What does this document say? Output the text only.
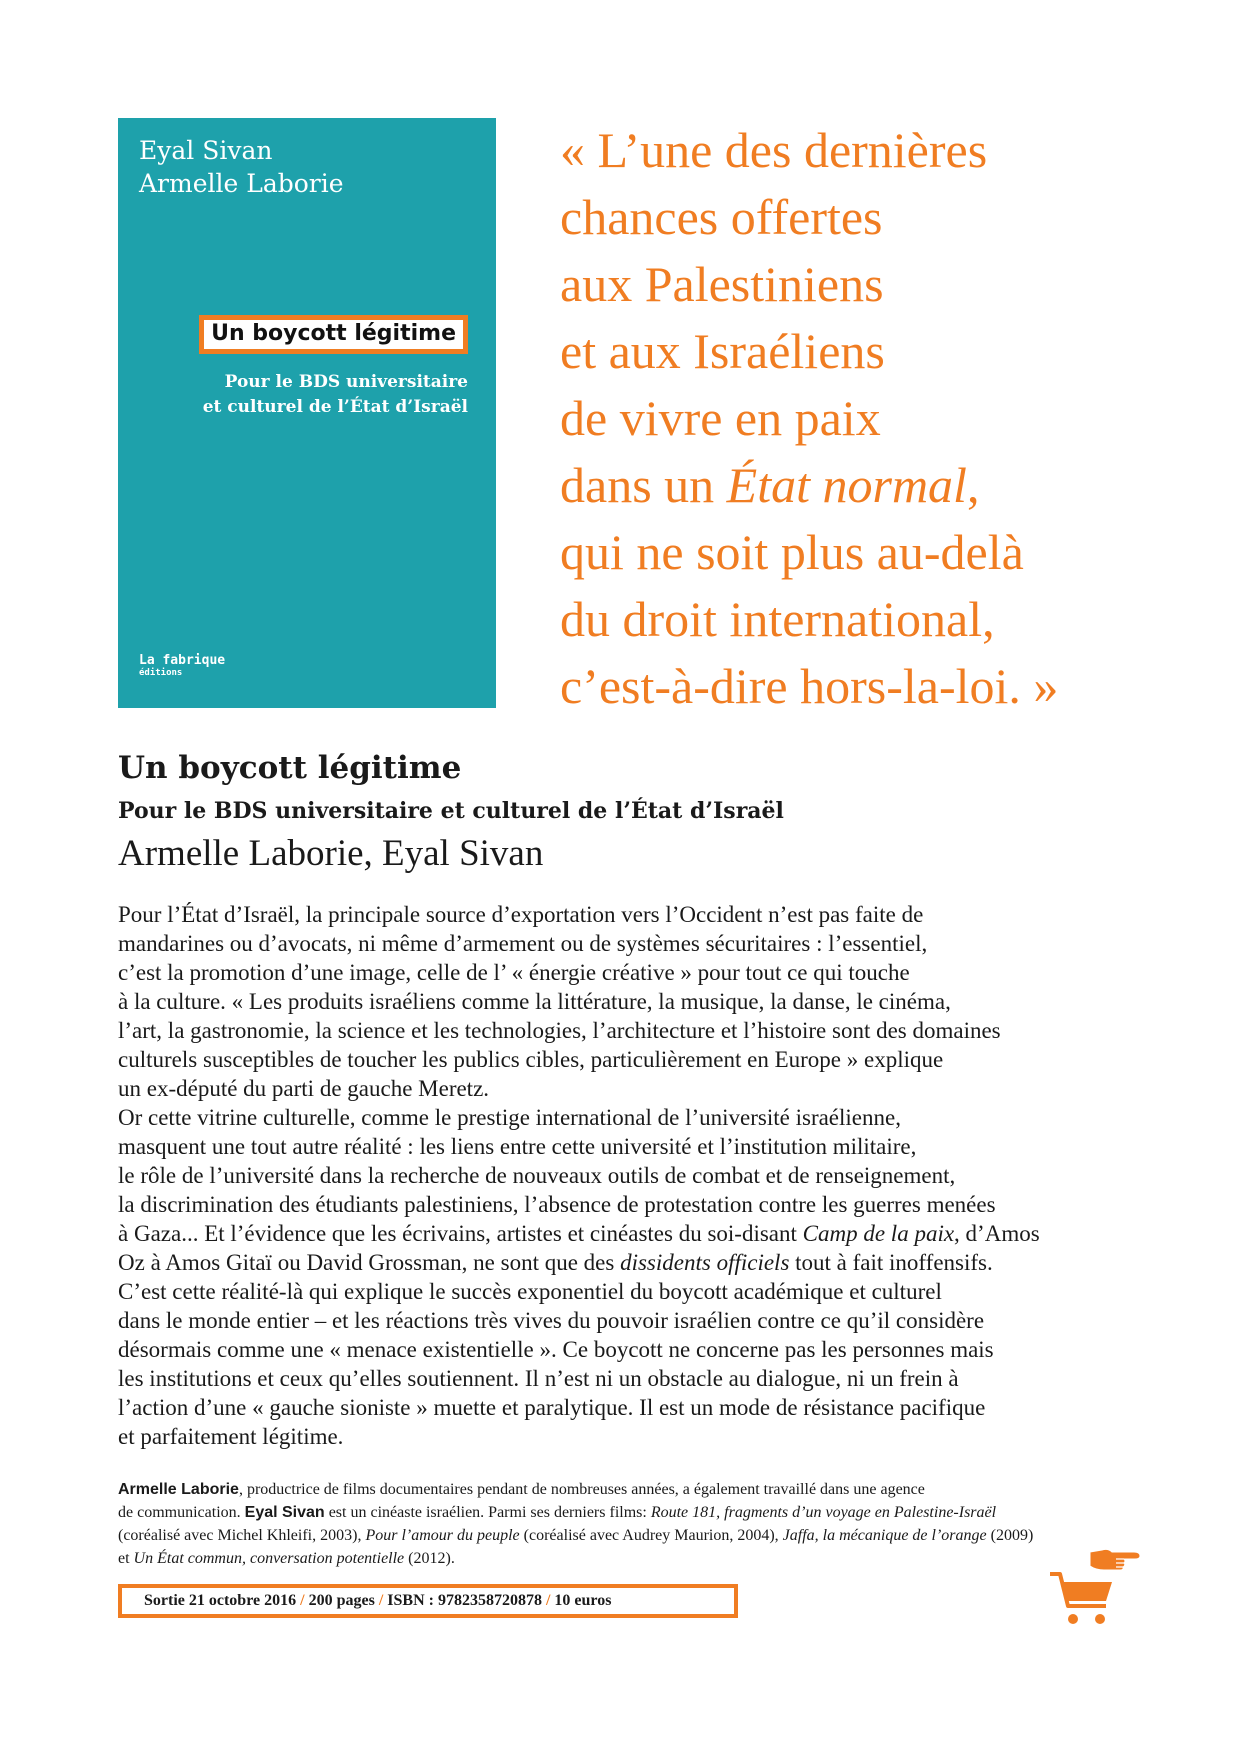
Eyal Sivan
Armelle Laborie
Un boycott légitime
Pour le BDS universitaire
et culturel de l’État d’Israël
La fabrique
éditions
« L’une des dernières
chances offertes
aux Palestiniens
et aux Israéliens
de vivre en paix
dans un État normal,
qui ne soit plus au-delà
du droit international,
c’est-à-dire hors-la-loi. »
Un boycott légitime
Pour le BDS universitaire et culturel de l’État d’Israël
Armelle Laborie, Eyal Sivan
Pour l’État d’Israël, la principale source d’exportation vers l’Occident n’est pas faite de
mandarines ou d’avocats, ni même d’armement ou de systèmes sécuritaires : l’essentiel,
c’est la promotion d’une image, celle de l’ « énergie créative » pour tout ce qui touche
à la culture. « Les produits israéliens comme la littérature, la musique, la danse, le cinéma,
l’art, la gastronomie, la science et les technologies, l’architecture et l’histoire sont des domaines
culturels susceptibles de toucher les publics cibles, particulièrement en Europe » explique
un ex-député du parti de gauche Meretz.
Or cette vitrine culturelle, comme le prestige international de l’université israélienne,
masquent une tout autre réalité : les liens entre cette université et l’institution militaire,
le rôle de l’université dans la recherche de nouveaux outils de combat et de renseignement,
la discrimination des étudiants palestiniens, l’absence de protestation contre les guerres menées
à Gaza... Et l’évidence que les écrivains, artistes et cinéastes du soi-disant Camp de la paix, d’Amos
Oz à Amos Gitaï ou David Grossman, ne sont que des dissidents officiels tout à fait inoffensifs.
C’est cette réalité-là qui explique le succès exponentiel du boycott académique et culturel
dans le monde entier – et les réactions très vives du pouvoir israélien contre ce qu’il considère
désormais comme une « menace existentielle ». Ce boycott ne concerne pas les personnes mais
les institutions et ceux qu’elles soutiennent. Il n’est ni un obstacle au dialogue, ni un frein à
l’action d’une « gauche sioniste » muette et paralytique. Il est un mode de résistance pacifique
et parfaitement légitime.
Armelle Laborie, productrice de films documentaires pendant de nombreuses années, a également travaillé dans une agence
de communication. Eyal Sivan est un cinéaste israélien. Parmi ses derniers films: Route 181, fragments d’un voyage en Palestine-Israël
(coréalisé avec Michel Khleifi, 2003), Pour l’amour du peuple (coréalisé avec Audrey Maurion, 2004), Jaffa, la mécanique de l’orange (2009)
et Un État commun, conversation potentielle (2012).
Sortie 21 octobre 2016 / 200 pages / ISBN : 9782358720878 / 10 euros
